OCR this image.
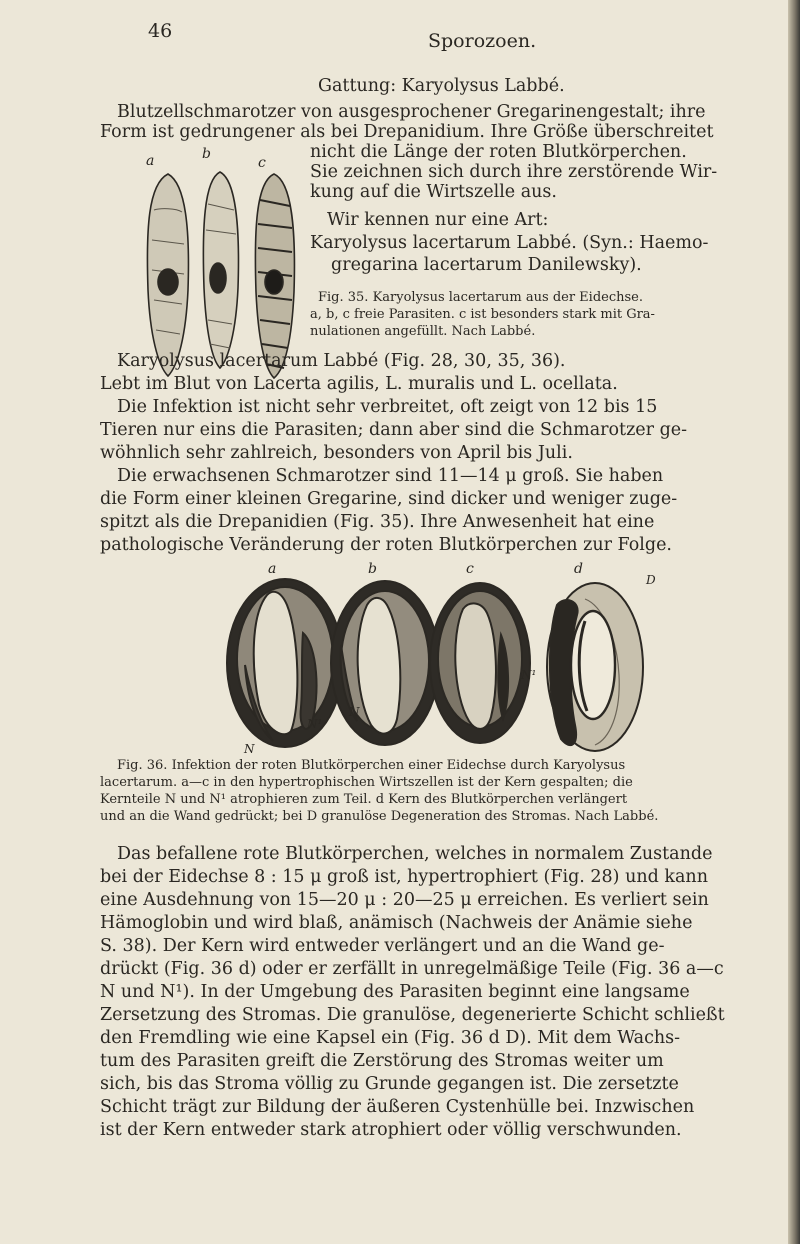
46	Sporozoen.
Gattung: Karyolysus Labbé.
Blutzellschmarotzer von ausgesprochener Gregarinengestalt; ihre
Form ist gedrungener als bei Drepanidium. Ihre Größe überschreitet
nicht die Länge der roten Blutkörperchen.
Sie zeichnen sich durch ihre zerstörende Wir-
kung auf die Wirtszelle aus.
Wir kennen nur eine Art:
Karyolysus lacertarum Labbé. (Syn.: Haemo-
gregarina lacertarum Danilewsky).
a	b
c
Fig. 35. Karyolysus lacertarum aus der Eidechse.
a, b, c freie Parasiten. c ist besonders stark mit Gra-
nulationen angefüllt. Nach Labbé.
Karyolysus lacertarum Labbé (Fig. 28, 30, 35, 36).
Lebt im Blut von Lacerta agilis, L. muralis und L. ocellata.
Die Infektion ist nicht sehr verbreitet, oft zeigt von 12 bis 15
Tieren nur eins die Parasiten; dann aber sind die Schmarotzer ge-
wöhnlich sehr zahlreich, besonders von April bis Juli.
Die erwachsenen Schmarotzer sind 11—14 μ groß. Sie haben
die Form einer kleinen Gregarine, sind dicker und weniger zuge-
spitzt als die Drepanidien (Fig. 35). Ihre Anwesenheit hat eine
pathologische Veränderung der roten Blutkörperchen zur Folge.
a	b	c	d
N¹
N
N¹
D
N
Fig. 36. Infektion der roten Blutkörperchen einer Eidechse durch Karyolysus
lacertarum. a—c in den hypertrophischen Wirtszellen ist der Kern gespalten; die
Kernteile N und N¹ atrophieren zum Teil. d Kern des Blutkörperchen verlängert
und an die Wand gedrückt; bei D granulöse Degeneration des Stromas. Nach Labbé.
Das befallene rote Blutkörperchen, welches in normalem Zustande
bei der Eidechse 8 : 15 μ groß ist, hypertrophiert (Fig. 28) und kann
eine Ausdehnung von 15—20 μ : 20—25 μ erreichen. Es verliert sein
Hämoglobin und wird blaß, anämisch (Nachweis der Anämie siehe
S. 38). Der Kern wird entweder verlängert und an die Wand ge-
drückt (Fig. 36 d) oder er zerfällt in unregelmäßige Teile (Fig. 36 a—c
N und N¹). In der Umgebung des Parasiten beginnt eine langsame
Zersetzung des Stromas. Die granulöse, degenerierte Schicht schließt
den Fremdling wie eine Kapsel ein (Fig. 36 d D). Mit dem Wachs-
tum des Parasiten greift die Zerstörung des Stromas weiter um
sich, bis das Stroma völlig zu Grunde gegangen ist. Die zersetzte
Schicht trägt zur Bildung der äußeren Cystenhülle bei. Inzwischen
ist der Kern entweder stark atrophiert oder völlig verschwunden.
